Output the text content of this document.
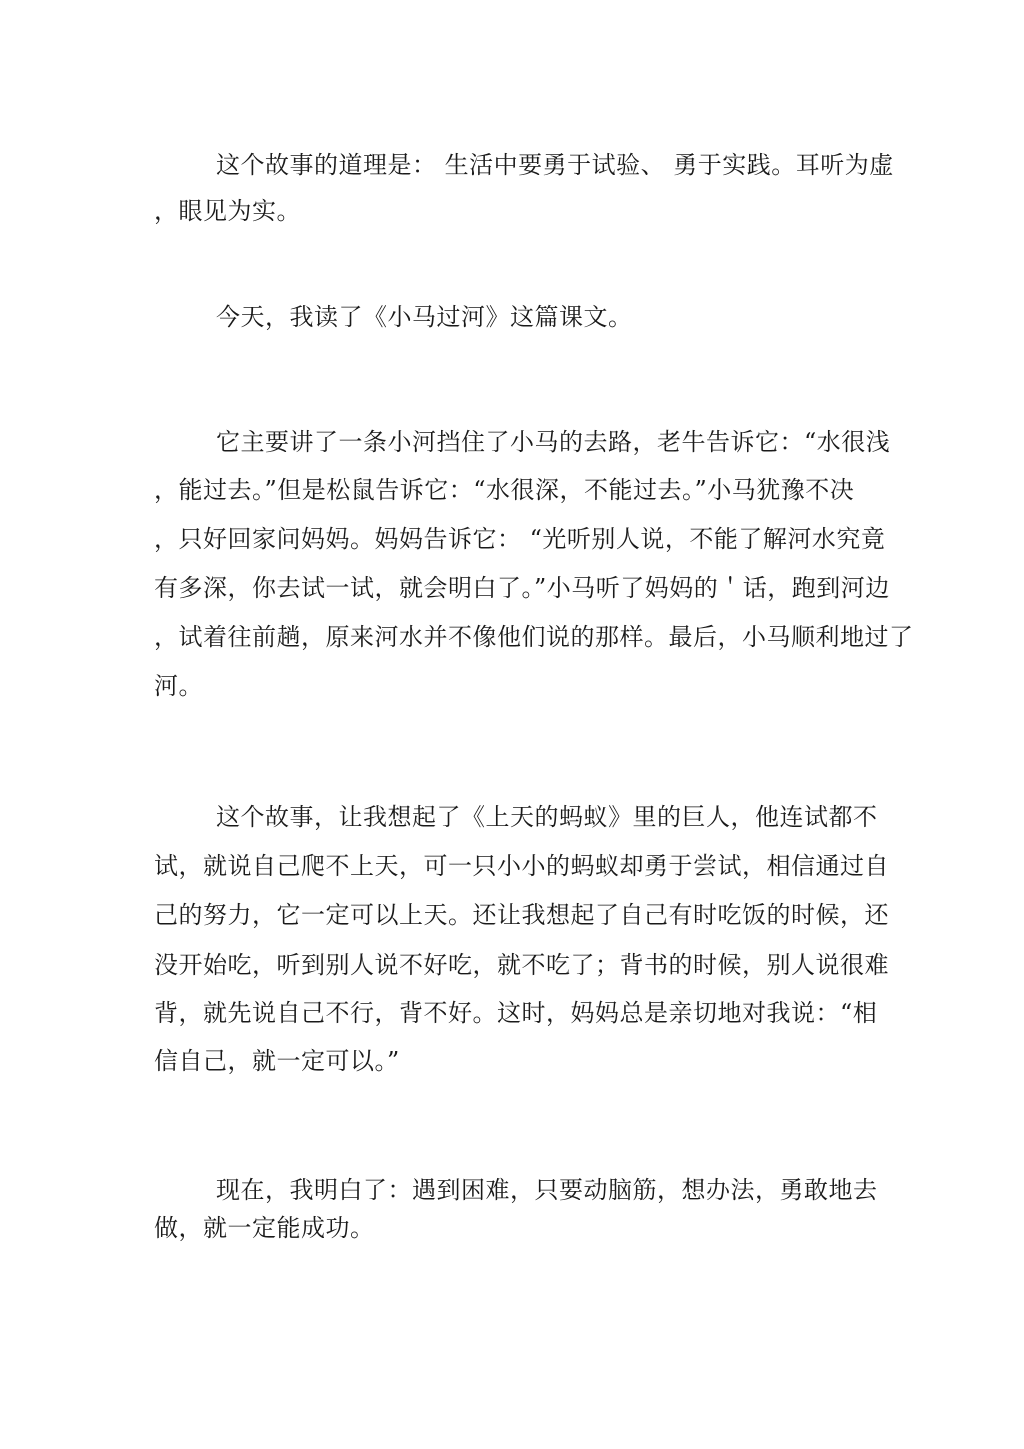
这个故事的道理是： 生活中要勇于试验、 勇于实践。耳听为虚
，眼见为实。
今天，我读了《小马过河》这篇课文。
它主要讲了一条小河挡住了小马的去路，老牛告诉它：“水很浅
，能过去。”但是松鼠告诉它：“水很深，不能过去。”小马犹豫不决
，只好回家问妈妈。妈妈告诉它： “光听别人说，不能了解河水究竟
有多深，你去试一试，就会明白了。”小马听了妈妈的＇话，跑到河边
，试着往前趟，原来河水并不像他们说的那样。最后，小马顺利地过了
河。
这个故事，让我想起了《上天的蚂蚁》里的巨人，他连试都不
试，就说自己爬不上天，可一只小小的蚂蚁却勇于尝试，相信通过自
己的努力，它一定可以上天。还让我想起了自己有时吃饭的时候，还
没开始吃，听到别人说不好吃，就不吃了；背书的时候，别人说很难
背，就先说自己不行，背不好。这时，妈妈总是亲切地对我说：“相
信自己，就一定可以。”
现在，我明白了：遇到困难，只要动脑筋，想办法，勇敢地去
做，就一定能成功。
